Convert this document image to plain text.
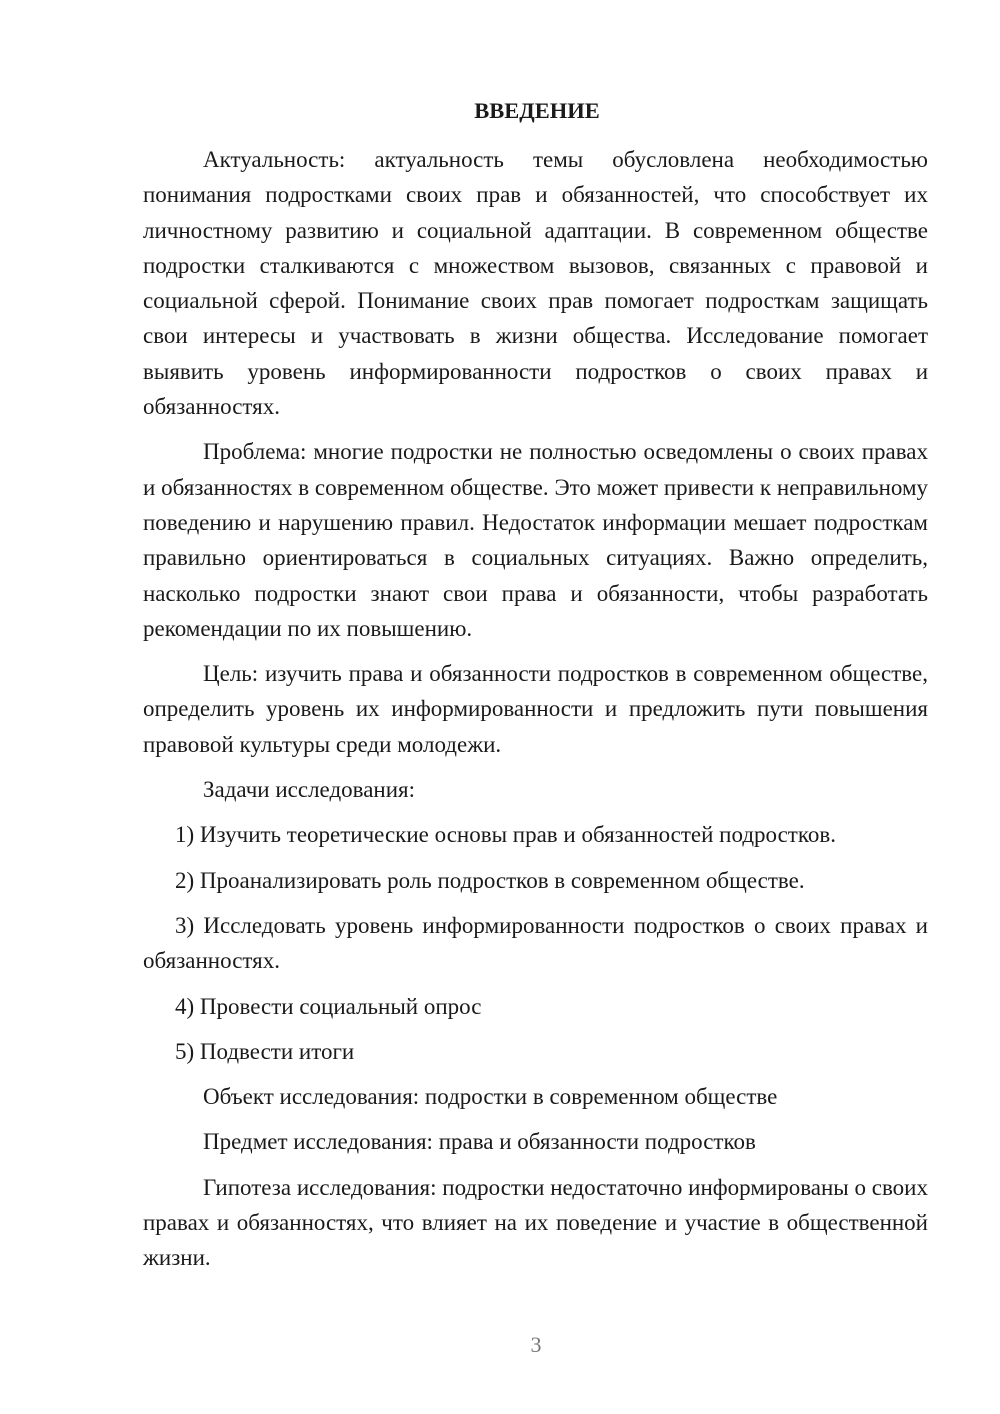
ВВЕДЕНИЕ

Актуальность: актуальность темы обусловлена необходимостью понимания подростками своих прав и обязанностей, что способствует их личностному развитию и социальной адаптации. В современном обществе подростки сталкиваются с множеством вызовов, связанных с правовой и социальной сферой. Понимание своих прав помогает подросткам защищать свои интересы и участвовать в жизни общества. Исследование помогает выявить уровень информированности подростков о своих правах и обязанностях.

Проблема: многие подростки не полностью осведомлены о своих правах и обязанностях в современном обществе. Это может привести к неправильному поведению и нарушению правил. Недостаток информации мешает подросткам правильно ориентироваться в социальных ситуациях. Важно определить, насколько подростки знают свои права и обязанности, чтобы разработать рекомендации по их повышению.

Цель: изучить права и обязанности подростков в современном обществе, определить уровень их информированности и предложить пути повышения правовой культуры среди молодежи.

Задачи исследования:

1) Изучить теоретические основы прав и обязанностей подростков.

2) Проанализировать роль подростков в современном обществе.

3) Исследовать уровень информированности подростков о своих правах и обязанностях.

4) Провести социальный опрос

5) Подвести итоги

Объект исследования: подростки в современном обществе

Предмет исследования: права и обязанности подростков

Гипотеза исследования: подростки недостаточно информированы о своих правах и обязанностях, что влияет на их поведение и участие в общественной жизни.

3
